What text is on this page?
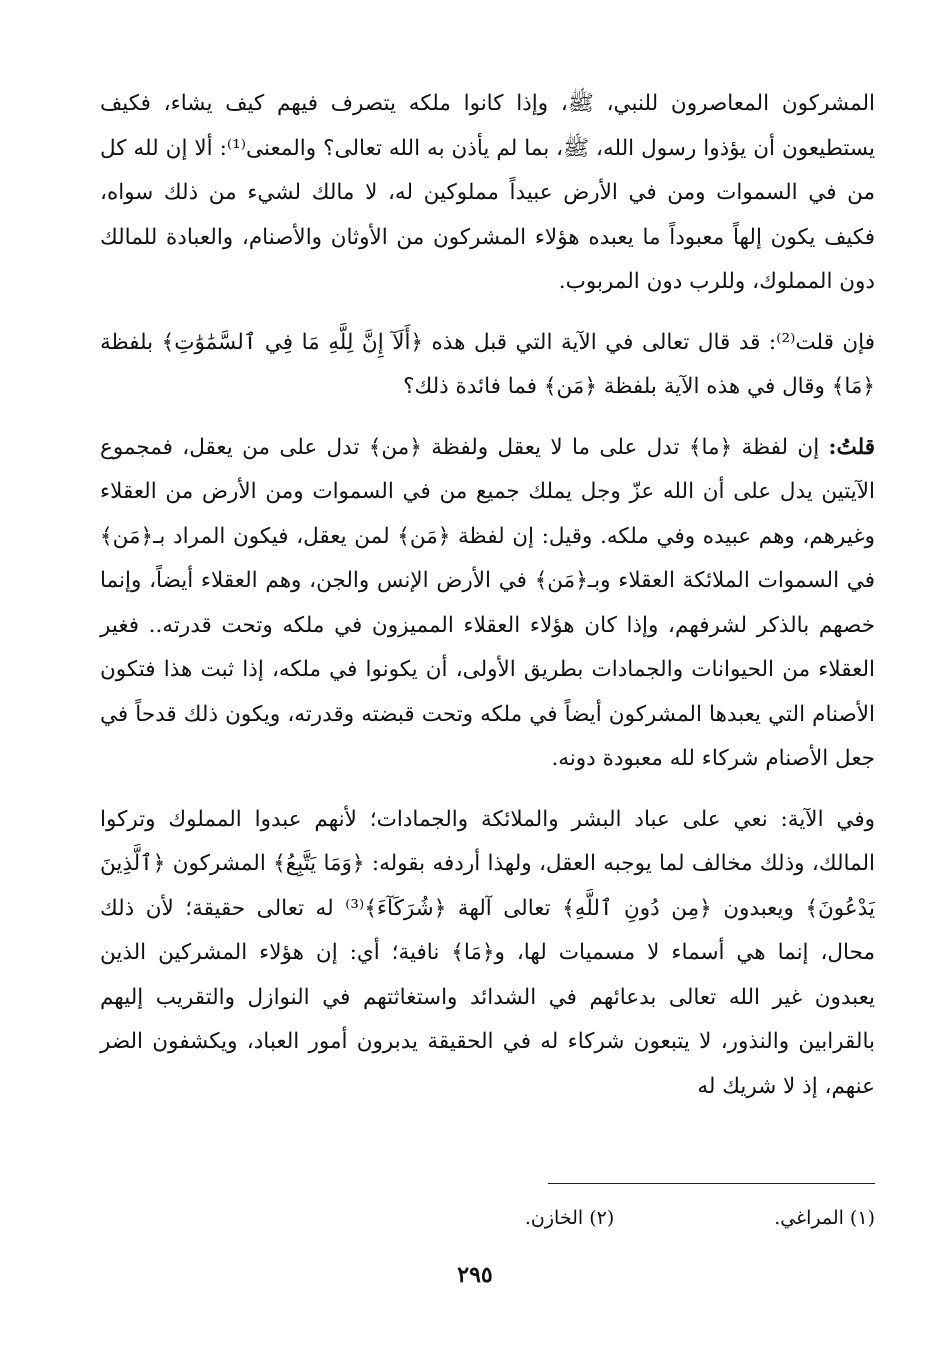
المشركون المعاصرون للنبي، ﷺ، وإذا كانوا ملكه يتصرف فيهم كيف يشاء، فكيف يستطيعون أن يؤذوا رسول الله، ﷺ، بما لم يأذن به الله تعالى؟ والمعنى⁽¹⁾: ألا إن لله كل من في السموات ومن في الأرض عبيداً مملوكين له، لا مالك لشيء من ذلك سواه، فكيف يكون إلهاً معبوداً ما يعبده هؤلاء المشركون من الأوثان والأصنام، والعبادة للمالك دون المملوك، وللرب دون المربوب.

فإن قلت⁽²⁾: قد قال تعالى في الآية التي قبل هذه ﴿أَلَآ إِنَّ لِلَّهِ مَا فِي ٱلسَّمَٰوَٰتِ﴾ بلفظة ﴿مَا﴾ وقال في هذه الآية بلفظة ﴿مَن﴾ فما فائدة ذلك؟

قلتُ: إن لفظة ﴿ما﴾ تدل على ما لا يعقل ولفظة ﴿من﴾ تدل على من يعقل، فمجموع الآيتين يدل على أن الله عزّ وجل يملك جميع من في السموات ومن الأرض من العقلاء وغيرهم، وهم عبيده وفي ملكه. وقيل: إن لفظة ﴿مَن﴾ لمن يعقل، فيكون المراد بـ﴿مَن﴾ في السموات الملائكة العقلاء وبـ﴿مَن﴾ في الأرض الإنس والجن، وهم العقلاء أيضاً، وإنما خصهم بالذكر لشرفهم، وإذا كان هؤلاء العقلاء المميزون في ملكه وتحت قدرته.. فغير العقلاء من الحيوانات والجمادات بطريق الأولى، أن يكونوا في ملكه، إذا ثبت هذا فتكون الأصنام التي يعبدها المشركون أيضاً في ملكه وتحت قبضته وقدرته، ويكون ذلك قدحاً في جعل الأصنام شركاء لله معبودة دونه.

وفي الآية: نعي على عباد البشر والملائكة والجمادات؛ لأنهم عبدوا المملوك وتركوا المالك، وذلك مخالف لما يوجبه العقل، ولهذا أردفه بقوله: ﴿وَمَا يَتَّبِعُ﴾ المشركون ﴿ٱلَّذِينَ يَدْعُونَ﴾ ويعبدون ﴿مِن دُونِ ٱللَّهِ﴾ تعالى آلهة ﴿شُرَكَآءَ﴾⁽³⁾ له تعالى حقيقة؛ لأن ذلك محال، إنما هي أسماء لا مسميات لها، و﴿مَا﴾ نافية؛ أي: إن هؤلاء المشركين الذين يعبدون غير الله تعالى بدعائهم في الشدائد واستغاثتهم في النوازل والتقريب إليهم بالقرابين والنذور، لا يتبعون شركاء له في الحقيقة يدبرون أمور العباد، ويكشفون الضر عنهم، إذ لا شريك له

(١) المراغي.
(٢) الخازن.
٢٩٥
